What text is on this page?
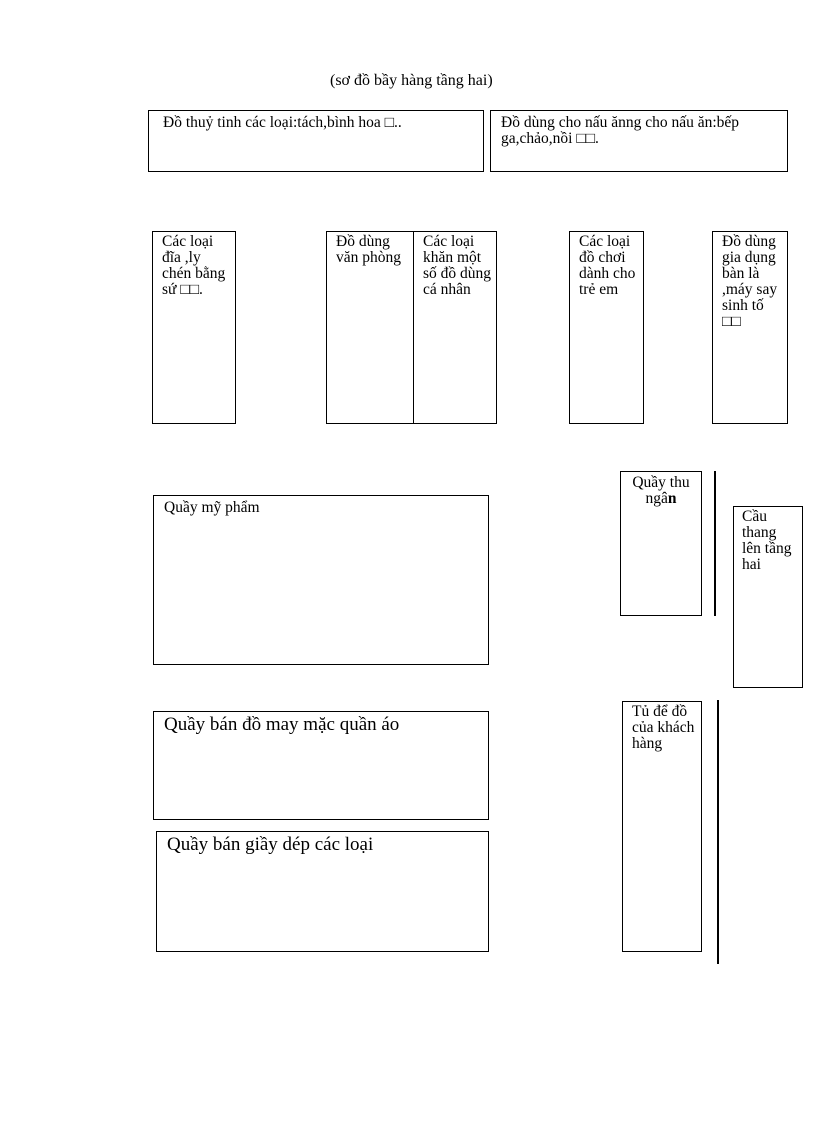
(sơ đồ bầy hàng tầng hai)
Đồ thuỷ tinh các loại:tách,bình hoa □..	Đồ dùng cho nấu ănng cho nấu ăn:bếp ga,chảo,nồi □□.
Các loại đĩa ,ly chén bằng sứ □□.
Đồ dùng văn phòng
Các loại khăn một số đồ dùng cá nhân
Các loại đồ chơi dành cho trẻ em
Đồ dùng gia dụng bàn là ,máy say sinh tố □□
Quầy mỹ phẩm
Quầy thu ngân
Cầu thang lên tầng hai
Quầy bán đồ may mặc quần áo
Quầy bán giầy dép các loại
Tủ để đồ của khách hàng
